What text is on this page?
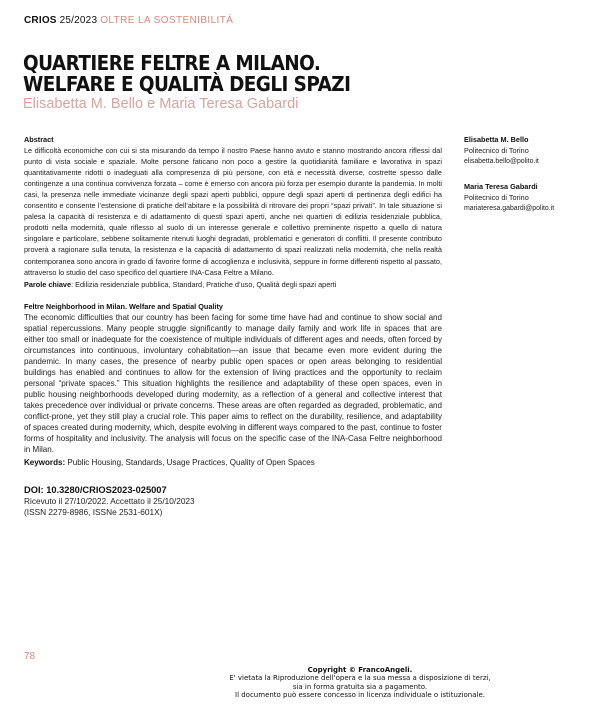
CRIOS 25/2023 OLTRE LA SOSTENIBILITÀ
QUARTIERE FELTRE A MILANO.
WELFARE E QUALITÀ DEGLI SPAZI
Elisabetta M. Bello e Maria Teresa Gabardi
Abstract

Le difficoltà economiche con cui si sta misurando da tempo il nostro Paese hanno avuto e stanno mostrando ancora riflessi dal punto di vista sociale e spaziale. Molte persone faticano non poco a gestire la quotidianità familiare e lavorativa in spazi quantitativamente ridotti o inadeguati alla compresenza di più persone, con età e necessità diverse, costrette spesso dalle contingenze a una continua convivenza forzata – come è emerso con ancora più forza per esempio durante la pandemia. In molti casi, la presenza nelle immediate vicinanze degli spazi aperti pubblici, oppure degli spazi aperti di pertinenza degli edifici ha consentito e consente l’estensione di pratiche dell’abitare e la possibilità di ritrovare dei propri “spazi privati”. In tale situazione si palesa la capacità di resistenza e di adattamento di questi spazi aperti, anche nei quartieri di edilizia residenziale pubblica, prodotti nella modernità, quale riflesso al suolo di un interesse generale e collettivo preminente rispetto a quello di natura singolare e particolare, sebbene solitamente ritenuti luoghi degradati, problematici e generatori di conflitti. Il presente contributo proverà a ragionare sulla tenuta, la resistenza e la capacità di adattamento di spazi realizzati nella modernità, che nella realtà contemporanea sono ancora in grado di favorire forme di accoglienza e inclusività, seppure in forme differenti rispetto al passato, attraverso lo studio del caso specifico del quartiere INA-Casa Feltre a Milano.

Parole chiave: Edilizia residenziale pubblica, Standard, Pratiche d’uso, Qualità degli spazi aperti
Feltre Neighborhood in Milan. Welfare and Spatial Quality

The economic difficulties that our country has been facing for some time have had and continue to show social and spatial repercussions. Many people struggle significantly to manage daily family and work life in spaces that are either too small or inadequate for the coexistence of multiple individuals of different ages and needs, often forced by circumstances into continuous, involuntary cohabitation—an issue that became even more evident during the pandemic. In many cases, the presence of nearby public open spaces or open areas belonging to residential buildings has enabled and continues to allow for the extension of living practices and the opportunity to reclaim personal “private spaces.” This situation highlights the resilience and adaptability of these open spaces, even in public housing neighborhoods developed during modernity, as a reflection of a general and collective interest that takes precedence over individual or private concerns. These areas are often regarded as degraded, problematic, and conflict-prone, yet they still play a crucial role. This paper aims to reflect on the durability, resilience, and adaptability of spaces created during modernity, which, despite evolving in different ways compared to the past, continue to foster forms of hospitality and inclusivity. The analysis will focus on the specific case of the INA-Casa Feltre neighborhood in Milan.

Keywords: Public Housing, Standards, Usage Practices, Quality of Open Spaces
DOI: 10.3280/CRIOS2023-025007
Ricevuto il 27/10/2022. Accettato il 25/10/2023
(ISSN 2279-8986, ISSNe 2531-601X)
Elisabetta M. Bello
Politecnico di Torino
elisabetta.bello@polito.it
Maria Teresa Gabardi
Politecnico di Torino
mariateresa.gabardi@polito.it
78
Copyright © FrancoAngeli.
E' vietata la Riproduzione dell'opera e la sua messa a disposizione di terzi,
sia in forma gratuita sia a pagamento.
Il documento può essere concesso in licenza individuale o istituzionale.
